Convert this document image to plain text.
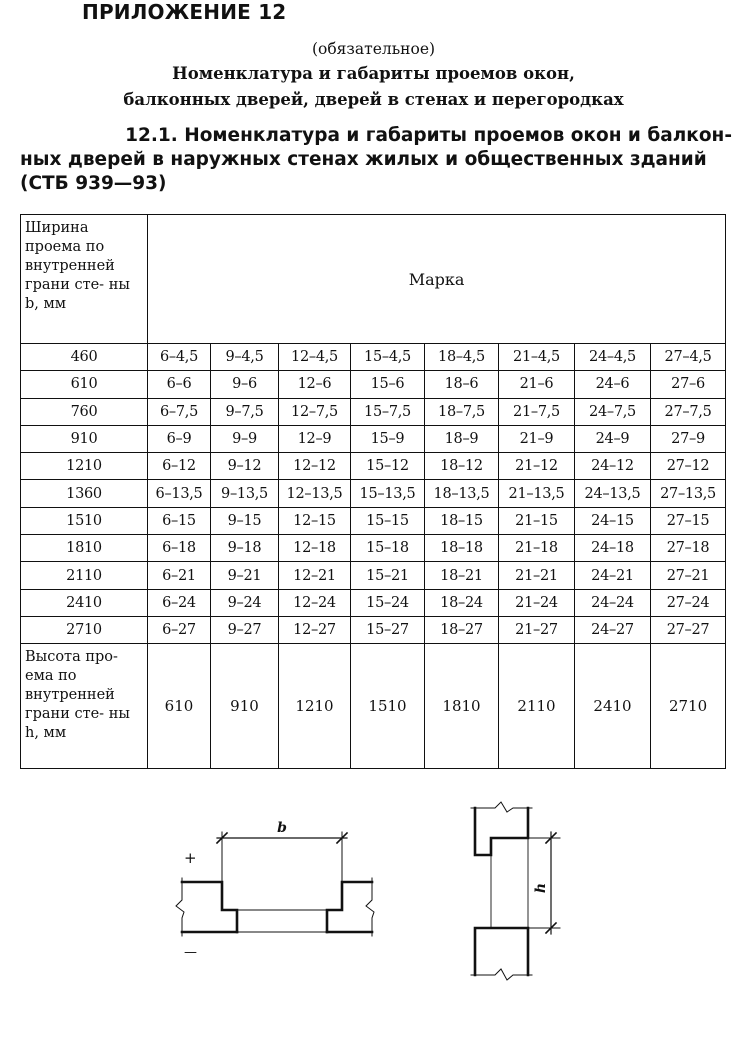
ПРИЛОЖЕНИЕ 12
(обязательное)
Номенклатура и габариты проемов окон,
балконных дверей, дверей в стенах и перегородках
12.1. Номенклатура и габариты проемов окон и балкон-
ных дверей в наружных стенах жилых и общественных зданий
(СТБ 939—93)
Ширина проема по внутренней грани сте- ны b, мм	Марка							
460	6–4,5	9–4,5	12–4,5	15–4,5	18–4,5	21–4,5	24–4,5	27–4,5
610	6–6	9–6	12–6	15–6	18–6	21–6	24–6	27–6
760	6–7,5	9–7,5	12–7,5	15–7,5	18–7,5	21–7,5	24–7,5	27–7,5
910	6–9	9–9	12–9	15–9	18–9	21–9	24–9	27–9
1210	6–12	9–12	12–12	15–12	18–12	21–12	24–12	27–12
1360	6–13,5	9–13,5	12–13,5	15–13,5	18–13,5	21–13,5	24–13,5	27–13,5
1510	6–15	9–15	12–15	15–15	18–15	21–15	24–15	27–15
1810	6–18	9–18	12–18	15–18	18–18	21–18	24–18	27–18
2110	6–21	9–21	12–21	15–21	18–21	21–21	24–21	27–21
2410	6–24	9–24	12–24	15–24	18–24	21–24	24–24	27–24
2710	6–27	9–27	12–27	15–27	18–27	21–27	24–27	27–27
Высота про- ема по внутренней грани сте- ны h, мм	610	910	1210	1510	1810	2110	2410	2710
b
+
—
h
